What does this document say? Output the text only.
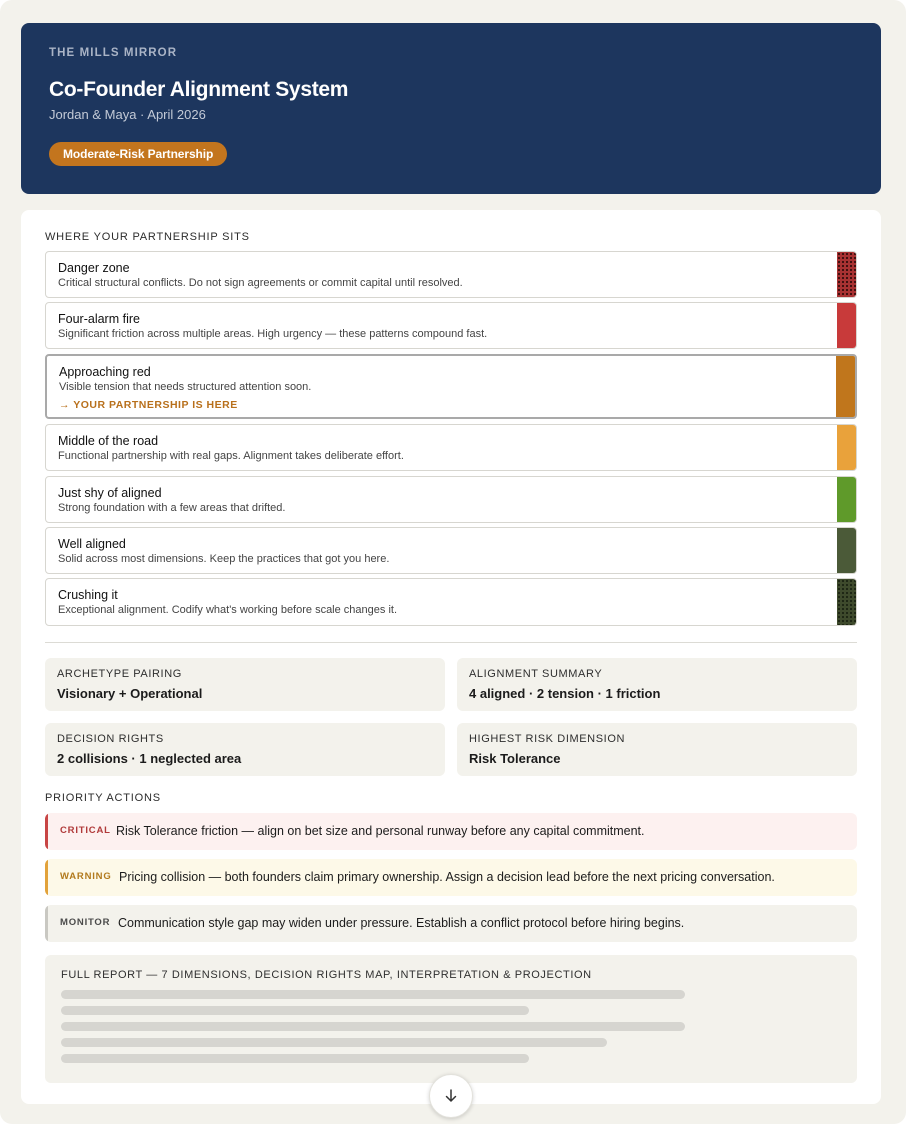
THE MILLS MIRROR
Co-Founder Alignment System
Jordan & Maya · April 2026
Moderate-Risk Partnership
WHERE YOUR PARTNERSHIP SITS
Danger zone
Critical structural conflicts. Do not sign agreements or commit capital until resolved.
Four-alarm fire
Significant friction across multiple areas. High urgency — these patterns compound fast.
Approaching red
Visible tension that needs structured attention soon.
→ YOUR PARTNERSHIP IS HERE
Middle of the road
Functional partnership with real gaps. Alignment takes deliberate effort.
Just shy of aligned
Strong foundation with a few areas that drifted.
Well aligned
Solid across most dimensions. Keep the practices that got you here.
Crushing it
Exceptional alignment. Codify what's working before scale changes it.
ARCHETYPE PAIRING
Visionary + Operational
ALIGNMENT SUMMARY
4 aligned · 2 tension · 1 friction
DECISION RIGHTS
2 collisions · 1 neglected area
HIGHEST RISK DIMENSION
Risk Tolerance
PRIORITY ACTIONS
CRITICAL Risk Tolerance friction — align on bet size and personal runway before any capital commitment.
WARNING Pricing collision — both founders claim primary ownership. Assign a decision lead before the next pricing conversation.
MONITOR Communication style gap may widen under pressure. Establish a conflict protocol before hiring begins.
FULL REPORT — 7 DIMENSIONS, DECISION RIGHTS MAP, INTERPRETATION & PROJECTION
